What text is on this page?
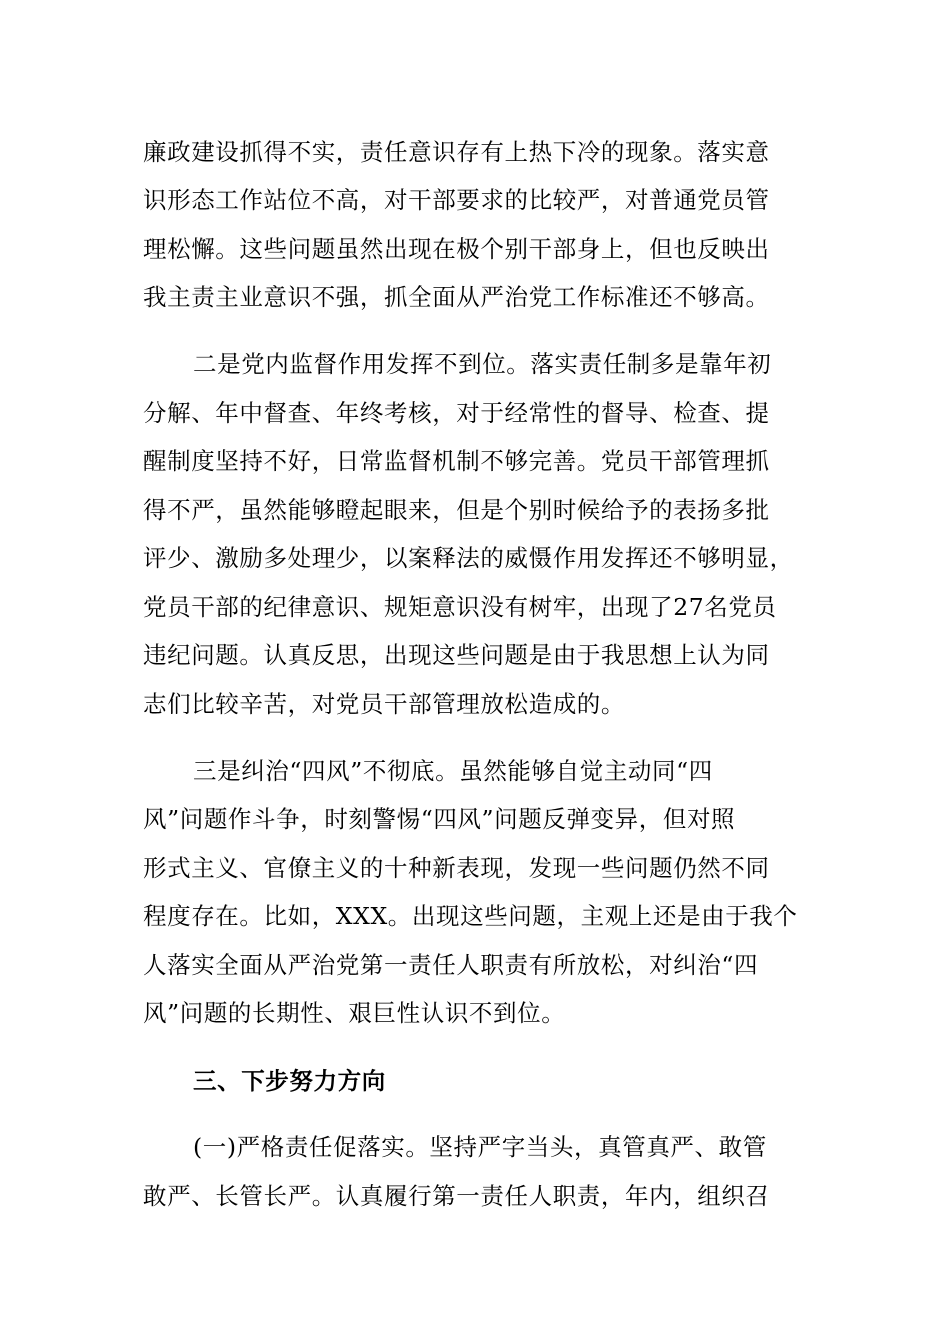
廉政建设抓得不实，责任意识存有上热下冷的现象。落实意
识形态工作站位不高，对干部要求的比较严，对普通党员管
理松懈。这些问题虽然出现在极个别干部身上，但也反映出
我主责主业意识不强，抓全面从严治党工作标准还不够高。
二是党内监督作用发挥不到位。落实责任制多是靠年初
分解、年中督查、年终考核，对于经常性的督导、检查、提
醒制度坚持不好，日常监督机制不够完善。党员干部管理抓
得不严，虽然能够瞪起眼来，但是个别时候给予的表扬多批
评少、激励多处理少，以案释法的威慑作用发挥还不够明显，
党员干部的纪律意识、规矩意识没有树牢，出现了27名党员
违纪问题。认真反思，出现这些问题是由于我思想上认为同
志们比较辛苦，对党员干部管理放松造成的。
三是纠治“四风”不彻底。虽然能够自觉主动同“四
风”问题作斗争，时刻警惕“四风”问题反弹变异，但对照
形式主义、官僚主义的十种新表现，发现一些问题仍然不同
程度存在。比如，XXX。出现这些问题，主观上还是由于我个
人落实全面从严治党第一责任人职责有所放松，对纠治“四
风”问题的长期性、艰巨性认识不到位。
三、下步努力方向
(一)严格责任促落实。坚持严字当头，真管真严、敢管
敢严、长管长严。认真履行第一责任人职责，年内，组织召
